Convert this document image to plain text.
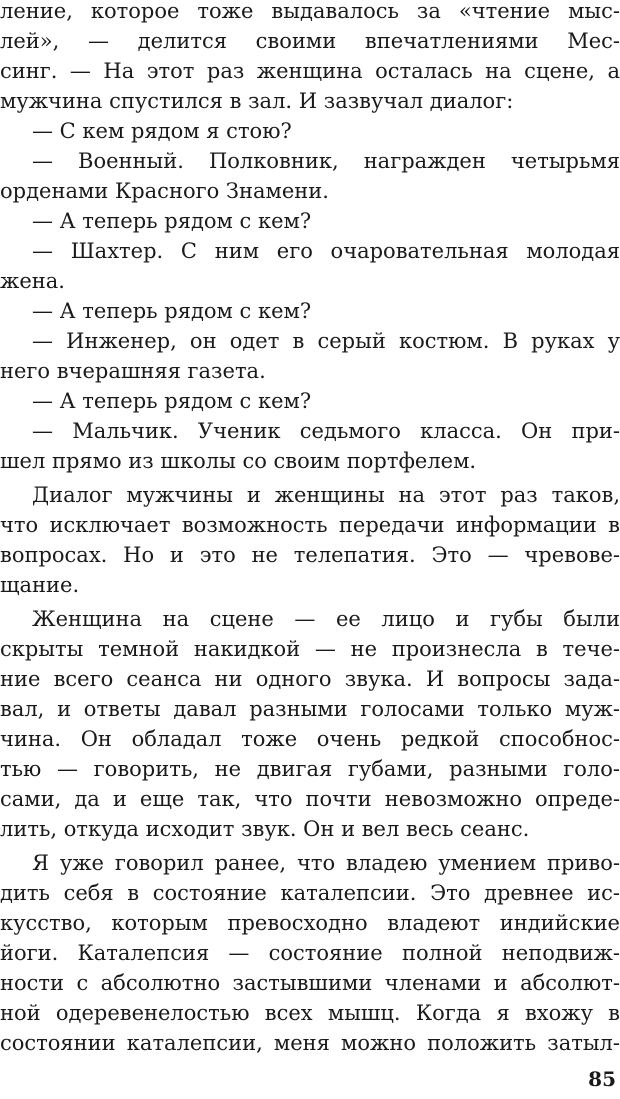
ление, которое тоже выдавалось за «чтение мыс-
лей», — делится своими впечатлениями Мес-
синг. — На этот раз женщина осталась на сцене, а
мужчина спустился в зал. И зазвучал диалог:
— С кем рядом я стою?
— Военный. Полковник, награжден четырьмя
орденами Красного Знамени.
— А теперь рядом с кем?
— Шахтер. С ним его очаровательная молодая
жена.
— А теперь рядом с кем?
— Инженер, он одет в серый костюм. В руках у
него вчерашняя газета.
— А теперь рядом с кем?
— Мальчик. Ученик седьмого класса. Он при-
шел прямо из школы со своим портфелем.
Диалог мужчины и женщины на этот раз таков,
что исключает возможность передачи информации в
вопросах. Но и это не телепатия. Это — чревове-
щание.
Женщина на сцене — ее лицо и губы были
скрыты темной накидкой — не произнесла в тече-
ние всего сеанса ни одного звука. И вопросы зада-
вал, и ответы давал разными голосами только муж-
чина. Он обладал тоже очень редкой способнос-
тью — говорить, не двигая губами, разными голо-
сами, да и еще так, что почти невозможно опреде-
лить, откуда исходит звук. Он и вел весь сеанс.
Я уже говорил ранее, что владею умением приво-
дить себя в состояние каталепсии. Это древнее ис-
кусство, которым превосходно владеют индийские
йоги. Каталепсия — состояние полной неподвиж-
ности с абсолютно застывшими членами и абсолют-
ной одеревенелостью всех мышц. Когда я вхожу в
состоянии каталепсии, меня можно положить затыл-
85
